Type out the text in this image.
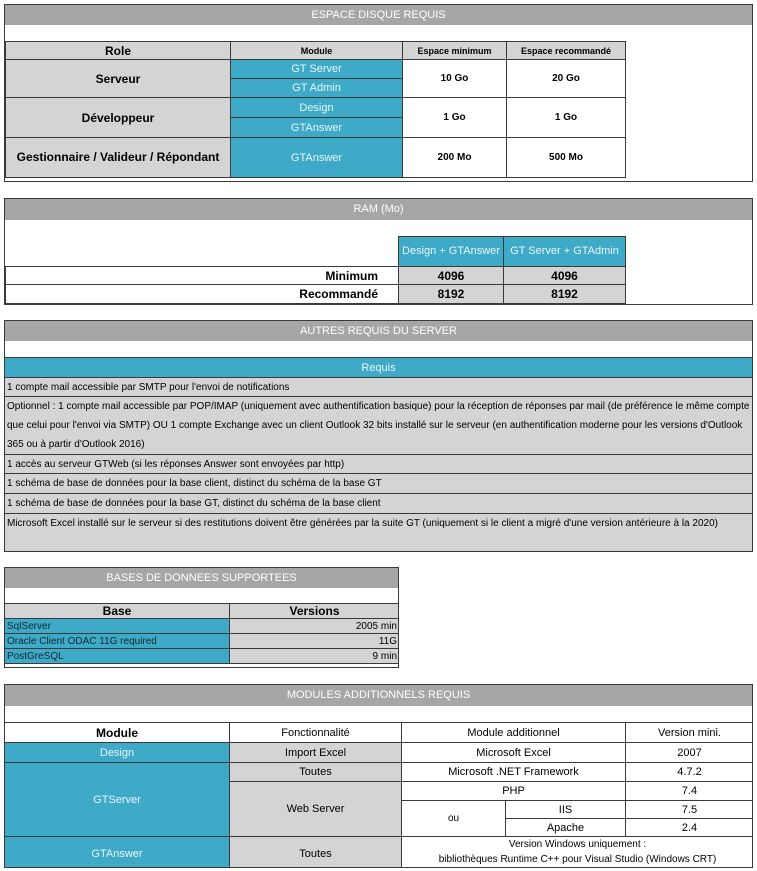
ESPACE DISQUE REQUIS
Role	Module	Espace minimum	Espace recommandé
Serveur	GT Server	10 Go	20 Go
	GT Admin		
Développeur	Design	1 Go	1 Go
	GTAnswer		
Gestionnaire / Valideur / Répondant	GTAnswer	200 Mo	500 Mo
RAM (Mo)
	Design + GTAnswer	GT Server + GTAdmin
Minimum	4096	4096
Recommandé	8192	8192
AUTRES REQUIS DU SERVER
Requis
1 compte mail accessible par SMTP pour l'envoi de notifications
Optionnel : 1 compte mail accessible par POP/IMAP (uniquement avec authentification basique) pour la réception de réponses par mail (de préférence le même compte que celui pour l'envoi via SMTP) OU 1 compte Exchange avec un client Outlook 32 bits installé sur le serveur (en authentification moderne pour les versions d'Outlook 365 ou à partir d'Outlook 2016)
1 accès au serveur GTWeb (si les réponses Answer sont envoyées par http)
1 schéma de base de données pour la base client, distinct du schéma de la base GT
1 schéma de base de données pour la base GT, distinct du schéma de la base client
Microsoft Excel installé sur le serveur si des restitutions doivent être générées par la suite GT (uniquement si le client a migré d'une version antérieure à la 2020)
BASES DE DONNEES SUPPORTEES
Base	Versions
SqlServer	2005 min
Oracle Client ODAC 11G required	11G
PostGreSQL	9 min
MODULES ADDITIONNELS REQUIS
Module	Fonctionnalité	Module additionnel		Version mini.
Design	Import Excel	Microsoft Excel		2007
GTServer	Toutes	Microsoft .NET Framework		4.7.2
	Web Server	PHP		7.4
		ou	IIS	7.5
			Apache	2.4
GTAnswer	Toutes	Version Windows uniquement :
bibliothèques Runtime C++ pour Visual Studio (Windows CRT)		
